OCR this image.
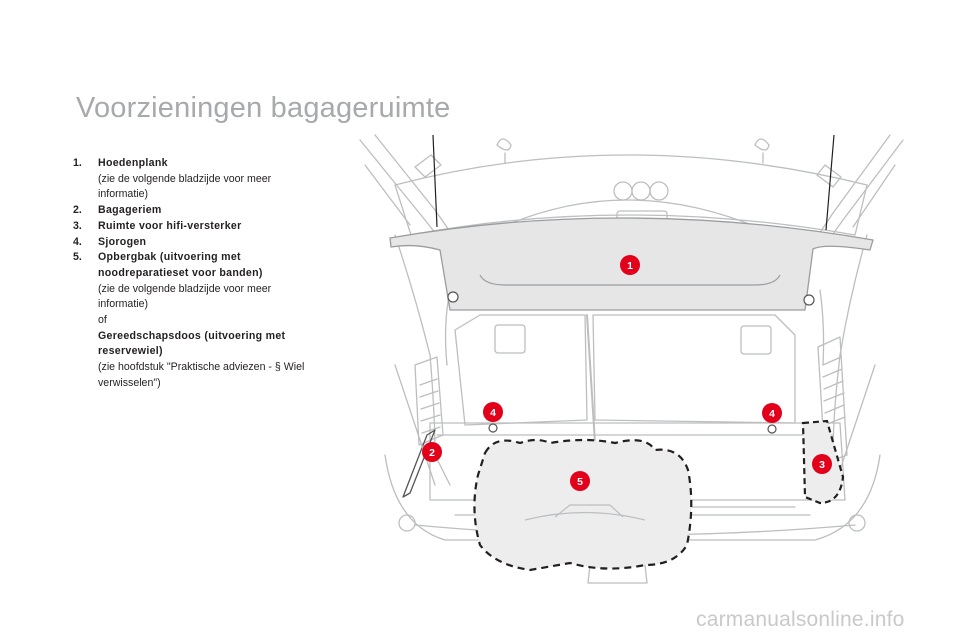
Voorzieningen bagageruimte
1. Hoedenplank
(zie de volgende bladzijde voor meer informatie)
2. Bagageriem
3. Ruimte voor hifi-versterker
4. Sjorogen
5. Opbergbak (uitvoering met noodreparatieset voor banden)
(zie de volgende bladzijde voor meer informatie)
of
Gereedschapsdoos (uitvoering met reservewiel)
(zie hoofdstuk "Praktische adviezen - § Wiel verwisselen")
1
2
3
4	4
5
carmanualsonline.info
